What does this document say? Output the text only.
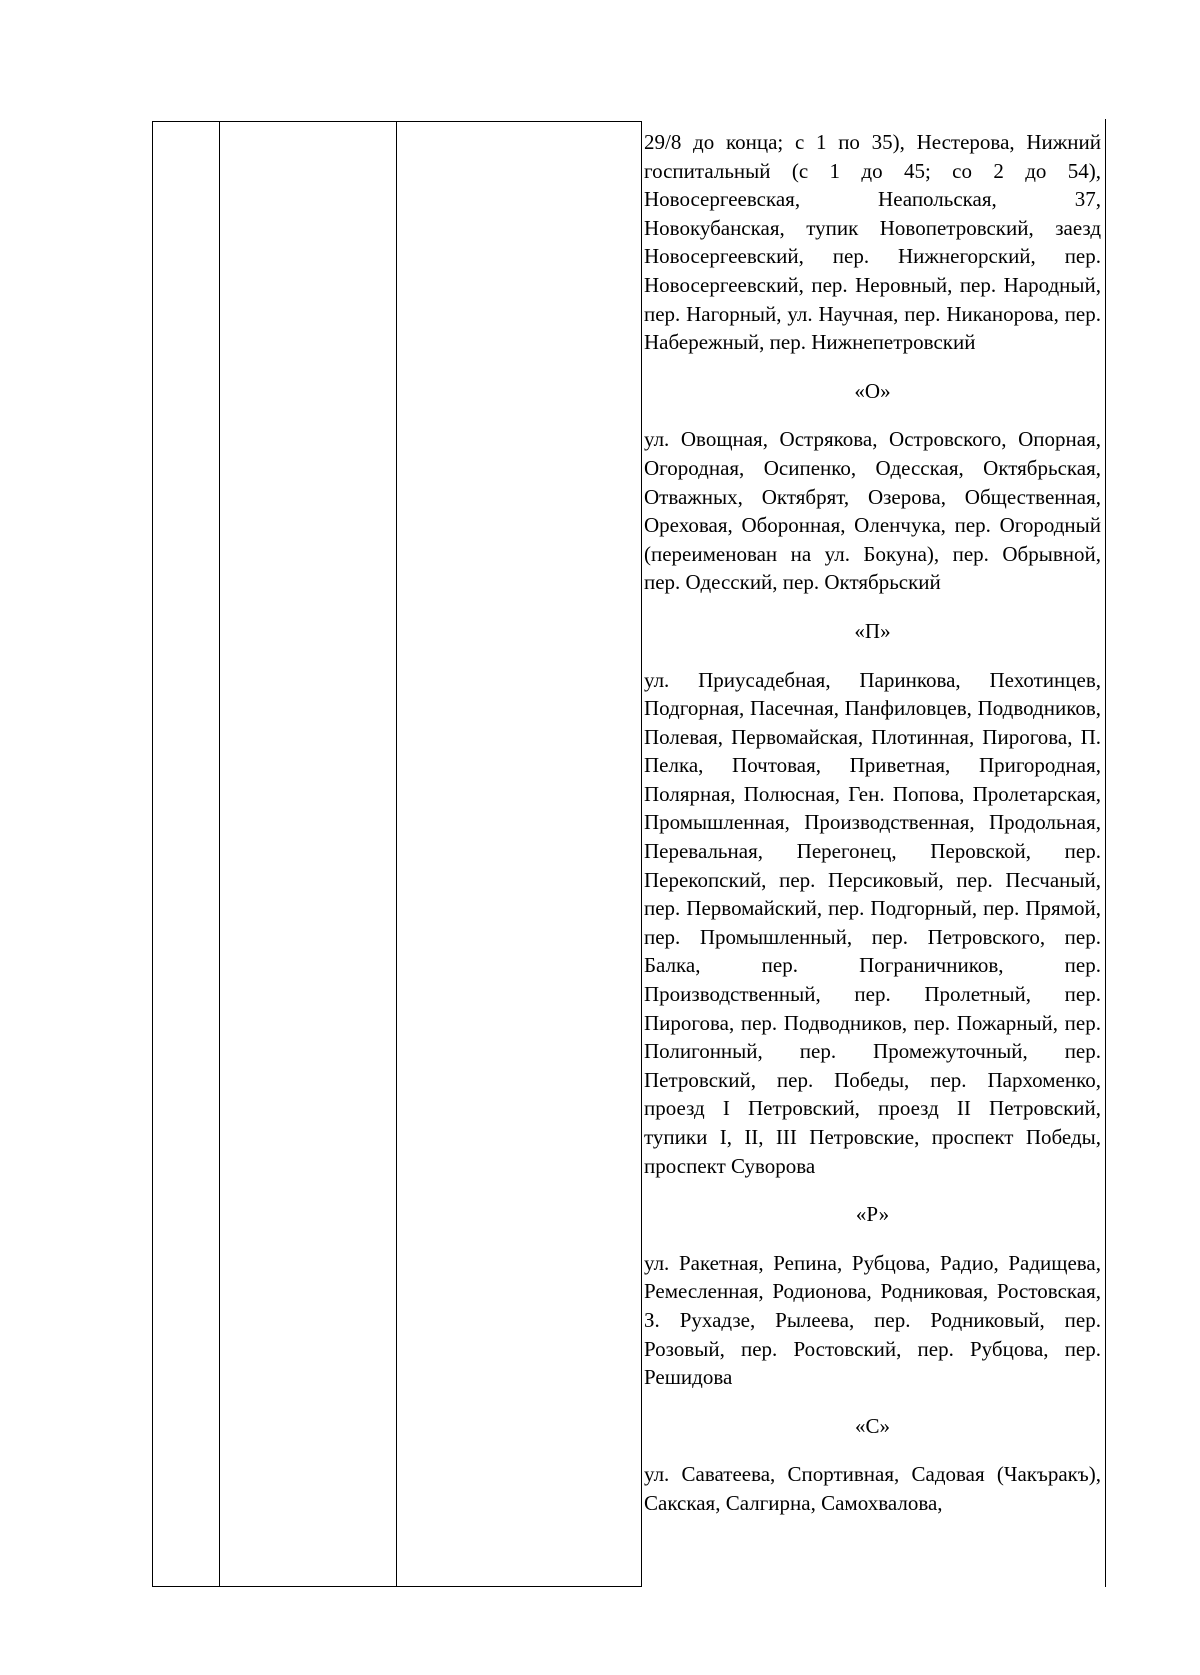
29/8 до конца; с 1 по 35), Нестерова, Нижний госпитальный (с 1 до 45; со 2 до 54), Новосергеевская, Неапольская, 37, Новокубанская, тупик Новопетровский, заезд Новосергеевский, пер. Нижнегорский, пер. Новосергеевский, пер. Неровный, пер. Народный, пер. Нагорный, ул. Научная, пер. Никанорова, пер. Набережный, пер. Нижнепетровский

«О»

ул. Овощная, Острякова, Островского, Опорная, Огородная, Осипенко, Одесская, Октябрьская, Отважных, Октябрят, Озерова, Общественная, Ореховая, Оборонная, Оленчука, пер. Огородный (переименован на ул. Бокуна), пер. Обрывной, пер. Одесский, пер. Октябрьский

«П»

ул. Приусадебная, Паринкова, Пехотинцев, Подгорная, Пасечная, Панфиловцев, Подводников, Полевая, Первомайская, Плотинная, Пирогова, П. Пелка, Почтовая, Приветная, Пригородная, Полярная, Полюсная, Ген. Попова, Пролетарская, Промышленная, Производственная, Продольная, Перевальная, Перегонец, Перовской, пер. Перекопский, пер. Персиковый, пер. Песчаный, пер. Первомайский, пер. Подгорный, пер. Прямой, пер. Промышленный, пер. Петровского, пер. Балка, пер. Пограничников, пер. Производственный, пер. Пролетный, пер. Пирогова, пер. Подводников, пер. Пожарный, пер. Полигонный, пер. Промежуточный, пер. Петровский, пер. Победы, пер. Пархоменко, проезд I Петровский, проезд II Петровский, тупики I, II, III Петровские, проспект Победы, проспект Суворова

«Р»

ул. Ракетная, Репина, Рубцова, Радио, Радищева, Ремесленная, Родионова, Родниковая, Ростовская, З. Рухадзе, Рылеева, пер. Родниковый, пер. Розовый, пер. Ростовский, пер. Рубцова, пер. Решидова

«С»

ул. Саватеева, Спортивная, Садовая (Чакъракъ), Сакская, Салгирна, Самохвалова,
